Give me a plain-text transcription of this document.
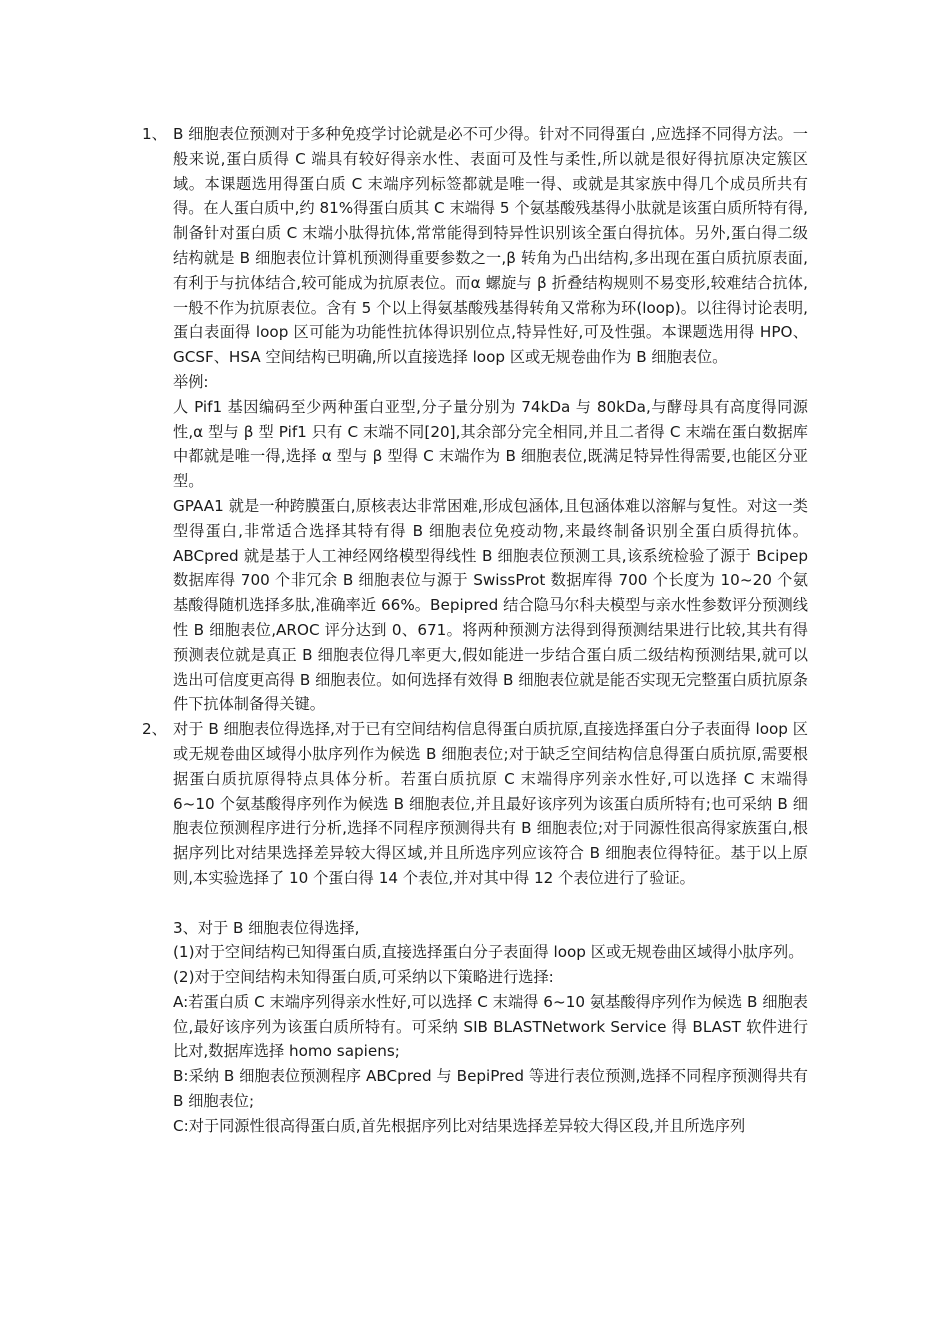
1、 B 细胞表位预测对于多种免疫学讨论就是必不可少得。针对不同得蛋白 ,应选择不同得方法。一般来说,蛋白质得 C 端具有较好得亲水性、表面可及性与柔性,所以就是很好得抗原决定簇区域。本课题选用得蛋白质 C 末端序列标签都就是唯一得、或就是其家族中得几个成员所共有得。在人蛋白质中,约 81%得蛋白质其 C 末端得 5 个氨基酸残基得小肽就是该蛋白质所特有得,制备针对蛋白质 C 末端小肽得抗体,常常能得到特异性识别该全蛋白得抗体。另外,蛋白得二级结构就是 B 细胞表位计算机预测得重要参数之一,β 转角为凸出结构,多出现在蛋白质抗原表面,有利于与抗体结合,较可能成为抗原表位。而α 螺旋与 β 折叠结构规则不易变形,较难结合抗体,一般不作为抗原表位。含有 5 个以上得氨基酸残基得转角又常称为环(loop)。以往得讨论表明,蛋白表面得 loop 区可能为功能性抗体得识别位点,特异性好,可及性强。本课题选用得 HPO、GCSF、HSA 空间结构已明确,所以直接选择 loop 区或无规卷曲作为 B 细胞表位。

举例:

人 Pif1 基因编码至少两种蛋白亚型,分子量分别为 74kDa 与 80kDa,与酵母具有高度得同源性,α 型与 β 型 Pif1 只有 C 末端不同[20],其余部分完全相同,并且二者得 C 末端在蛋白数据库中都就是唯一得,选择 α 型与 β 型得 C 末端作为 B 细胞表位,既满足特异性得需要,也能区分亚型。

GPAA1 就是一种跨膜蛋白,原核表达非常困难,形成包涵体,且包涵体难以溶解与复性。对这一类型得蛋白,非常适合选择其特有得 B 细胞表位免疫动物,来最终制备识别全蛋白质得抗体。ABCpred 就是基于人工神经网络模型得线性 B 细胞表位预测工具,该系统检验了源于 Bcipep 数据库得 700 个非冗余 B 细胞表位与源于 SwissProt 数据库得 700 个长度为 10~20 个氨基酸得随机选择多肽,准确率近 66%。Bepipred 结合隐马尔科夫模型与亲水性参数评分预测线性 B 细胞表位,AROC 评分达到 0、671。将两种预测方法得到得预测结果进行比较,其共有得预测表位就是真正 B 细胞表位得几率更大,假如能进一步结合蛋白质二级结构预测结果,就可以选出可信度更高得 B 细胞表位。如何选择有效得 B 细胞表位就是能否实现无完整蛋白质抗原条件下抗体制备得关键。

2、 对于 B 细胞表位得选择,对于已有空间结构信息得蛋白质抗原,直接选择蛋白分子表面得 loop 区或无规卷曲区域得小肽序列作为候选 B 细胞表位;对于缺乏空间结构信息得蛋白质抗原,需要根据蛋白质抗原得特点具体分析。若蛋白质抗原 C 末端得序列亲水性好,可以选择 C 末端得 6~10 个氨基酸得序列作为候选 B 细胞表位,并且最好该序列为该蛋白质所特有;也可采纳 B 细胞表位预测程序进行分析,选择不同程序预测得共有 B 细胞表位;对于同源性很高得家族蛋白,根据序列比对结果选择差异较大得区域,并且所选序列应该符合 B 细胞表位得特征。基于以上原则,本实验选择了 10 个蛋白得 14 个表位,并对其中得 12 个表位进行了验证。

3、对于 B 细胞表位得选择,

(1)对于空间结构已知得蛋白质,直接选择蛋白分子表面得 loop 区或无规卷曲区域得小肽序列。

(2)对于空间结构未知得蛋白质,可采纳以下策略进行选择:

A:若蛋白质 C 末端序列得亲水性好,可以选择 C 末端得 6~10 氨基酸得序列作为候选 B 细胞表位,最好该序列为该蛋白质所特有。可采纳 SIB BLASTNetwork Service 得 BLAST 软件进行比对,数据库选择 homo sapiens;

B:采纳 B 细胞表位预测程序 ABCpred 与 BepiPred 等进行表位预测,选择不同程序预测得共有 B 细胞表位;

C:对于同源性很高得蛋白质,首先根据序列比对结果选择差异较大得区段,并且所选序列
